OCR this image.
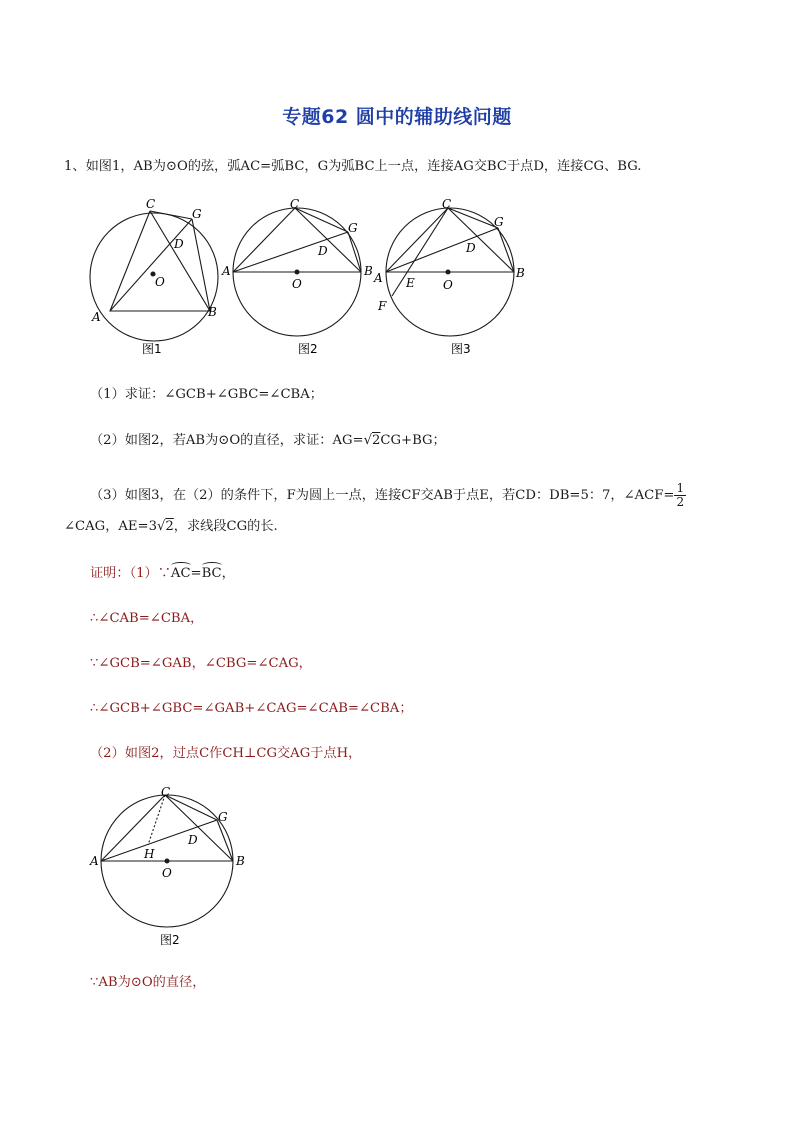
专题62 圆中的辅助线问题
1、如图1，AB为⊙O的弦，弧AC=弧BC，G为弧BC上一点，连接AG交BC于点D，连接CG、BG.
C
G
D
O
A	B
图1
C
G
D
O
A	B
图2
C
G
D
O
A E
F
B
图3
（1）求证：∠GCB+∠GBC=∠CBA；
（2）如图2，若AB为⊙O的直径，求证：AG=√2CG+BG；
（3）如图3，在（2）的条件下，F为圆上一点，连接CF交AB于点E，若CD：DB=5：7，∠ACF= $\frac{1}{2}$
∠CAG，AE=3√2，求线段CG的长.
证明：（1）∵AC=BC，
∴∠CAB=∠CBA，
∵∠GCB=∠GAB，∠CBG=∠CAG，
∴∠GCB+∠GBC=∠GAB+∠CAG=∠CAB=∠CBA；
（2）如图2，过点C作CH⊥CG交AG于点H，
C
G
D
H
O
A	B
图2
∵AB为⊙O的直径，
